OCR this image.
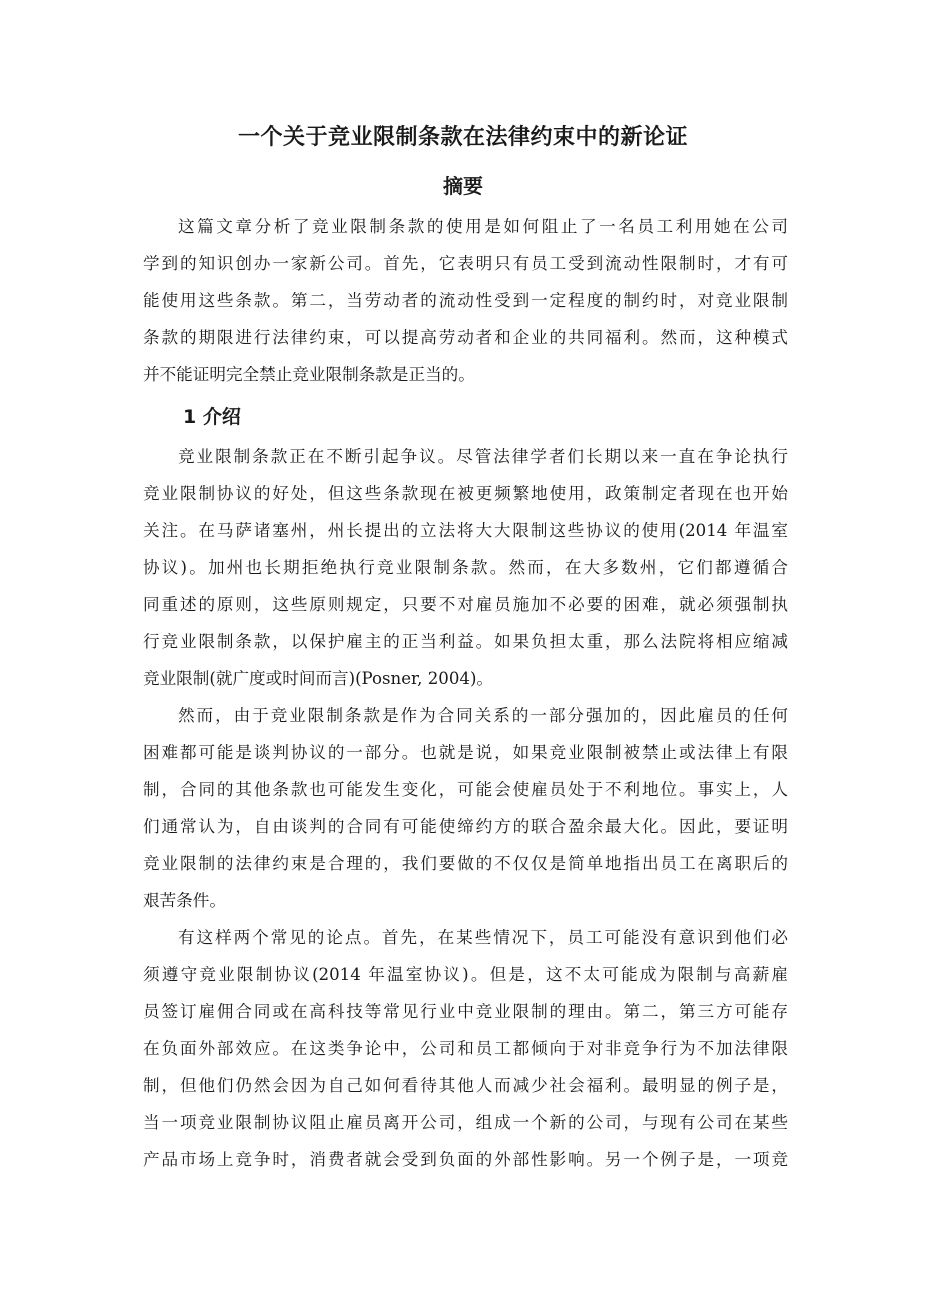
一个关于竞业限制条款在法律约束中的新论证
摘要
这篇文章分析了竞业限制条款的使用是如何阻止了一名员工利用她在公司
学到的知识创办一家新公司。首先，它表明只有员工受到流动性限制时，才有可
能使用这些条款。第二，当劳动者的流动性受到一定程度的制约时，对竞业限制
条款的期限进行法律约束，可以提高劳动者和企业的共同福利。然而，这种模式
并不能证明完全禁止竞业限制条款是正当的。
1 介绍
竞业限制条款正在不断引起争议。尽管法律学者们长期以来一直在争论执行
竞业限制协议的好处，但这些条款现在被更频繁地使用，政策制定者现在也开始
关注。在马萨诸塞州，州长提出的立法将大大限制这些协议的使用(2014 年温室
协议)。加州也长期拒绝执行竞业限制条款。然而，在大多数州，它们都遵循合
同重述的原则，这些原则规定，只要不对雇员施加不必要的困难，就必须强制执
行竞业限制条款，以保护雇主的正当利益。如果负担太重，那么法院将相应缩减
竞业限制(就广度或时间而言)(Posner, 2004)。
然而，由于竞业限制条款是作为合同关系的一部分强加的，因此雇员的任何
困难都可能是谈判协议的一部分。也就是说，如果竞业限制被禁止或法律上有限
制，合同的其他条款也可能发生变化，可能会使雇员处于不利地位。事实上，人
们通常认为，自由谈判的合同有可能使缔约方的联合盈余最大化。因此，要证明
竞业限制的法律约束是合理的，我们要做的不仅仅是简单地指出员工在离职后的
艰苦条件。
有这样两个常见的论点。首先，在某些情况下，员工可能没有意识到他们必
须遵守竞业限制协议(2014 年温室协议)。但是，这不太可能成为限制与高薪雇
员签订雇佣合同或在高科技等常见行业中竞业限制的理由。第二，第三方可能存
在负面外部效应。在这类争论中，公司和员工都倾向于对非竞争行为不加法律限
制，但他们仍然会因为自己如何看待其他人而减少社会福利。最明显的例子是，
当一项竞业限制协议阻止雇员离开公司，组成一个新的公司，与现有公司在某些
产品市场上竞争时，消费者就会受到负面的外部性影响。另一个例子是，一项竞
